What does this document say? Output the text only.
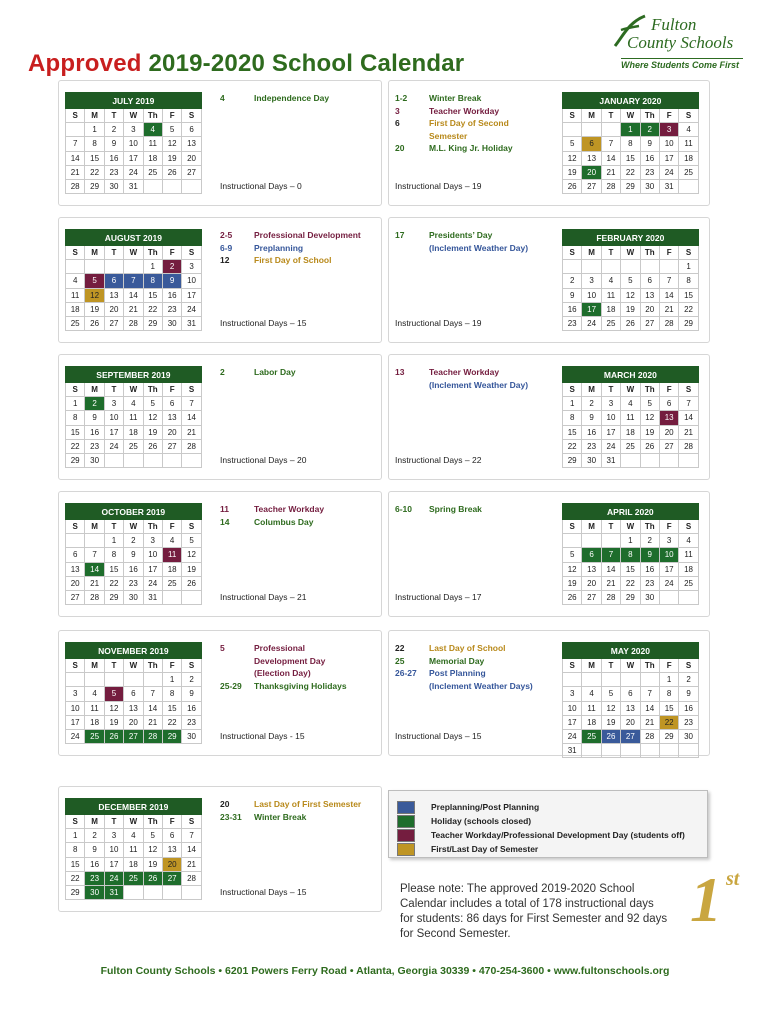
Approved 2019-2020 School Calendar
Fulton
County Schools
Where Students Come First
JULY 2019						
S	M	T	W	Th	F	S
	1	2	3	4	5	6
7	8	9	10	11	12	13
14	15	16	17	18	19	20
21	22	23	24	25	26	27
28	29	30	31			
4	Independence Day
Instructional Days – 0
1-2	Winter Break
3	Teacher Workday
6	First Day of Second
Semester
20	M.L. King Jr. Holiday
Instructional Days – 19
JANUARY 2020						
S	M	T	W	Th	F	S
			1	2	3	4
5	6	7	8	9	10	11
12	13	14	15	16	17	18
19	20	21	22	23	24	25
26	27	28	29	30	31	
AUGUST 2019						
S	M	T	W	Th	F	S
				1	2	3
4	5	6	7	8	9	10
11	12	13	14	15	16	17
18	19	20	21	22	23	24
25	26	27	28	29	30	31
2-5	Professional Development
6-9	Preplanning
12	First Day of School
Instructional Days – 15
17	Presidents’ Day
(Inclement Weather Day)
Instructional Days – 19
FEBRUARY 2020						
S	M	T	W	Th	F	S
						1
2	3	4	5	6	7	8
9	10	11	12	13	14	15
16	17	18	19	20	21	22
23	24	25	26	27	28	29
SEPTEMBER 2019						
S	M	T	W	Th	F	S
1	2	3	4	5	6	7
8	9	10	11	12	13	14
15	16	17	18	19	20	21
22	23	24	25	26	27	28
29	30					
2	Labor Day
Instructional Days – 20
13	Teacher Workday
(Inclement Weather Day)
Instructional Days – 22
MARCH 2020						
S	M	T	W	Th	F	S
1	2	3	4	5	6	7
8	9	10	11	12	13	14
15	16	17	18	19	20	21
22	23	24	25	26	27	28
29	30	31				
OCTOBER 2019						
S	M	T	W	Th	F	S
		1	2	3	4	5
6	7	8	9	10	11	12
13	14	15	16	17	18	19
20	21	22	23	24	25	26
27	28	29	30	31		
11	Teacher Workday
14	Columbus Day
Instructional Days – 21
6-10	Spring Break
Instructional Days – 17
APRIL 2020						
S	M	T	W	Th	F	S
			1	2	3	4
5	6	7	8	9	10	11
12	13	14	15	16	17	18
19	20	21	22	23	24	25
26	27	28	29	30		
NOVEMBER 2019						
S	M	T	W	Th	F	S
					1	2
3	4	5	6	7	8	9
10	11	12	13	14	15	16
17	18	19	20	21	22	23
24	25	26	27	28	29	30
5	Professional
Development Day
(Election Day)
25-29	Thanksgiving Holidays
Instructional Days - 15
22	Last Day of School
25	Memorial Day
26-27	Post Planning
(Inclement Weather Days)
Instructional Days – 15
MAY 2020						
S	M	T	W	Th	F	S
					1	2
3	4	5	6	7	8	9
10	11	12	13	14	15	16
17	18	19	20	21	22	23
24	25	26	27	28	29	30
31						
DECEMBER 2019						
S	M	T	W	Th	F	S
1	2	3	4	5	6	7
8	9	10	11	12	13	14
15	16	17	18	19	20	21
22	23	24	25	26	27	28
29	30	31				
20	Last Day of First Semester
23-31	Winter Break
Instructional Days – 15
Preplanning/Post Planning
Holiday (schools closed)
Teacher Workday/Professional Development Day (students off)
First/Last Day of Semester
Please note: The approved 2019-2020 School Calendar includes a total of 178 instructional days for students: 86 days for First Semester and 92 days for Second Semester.	1 st
students
Fulton County Schools • 6201 Powers Ferry Road • Atlanta, Georgia 30339 • 470-254-3600 • www.fultonschools.org
